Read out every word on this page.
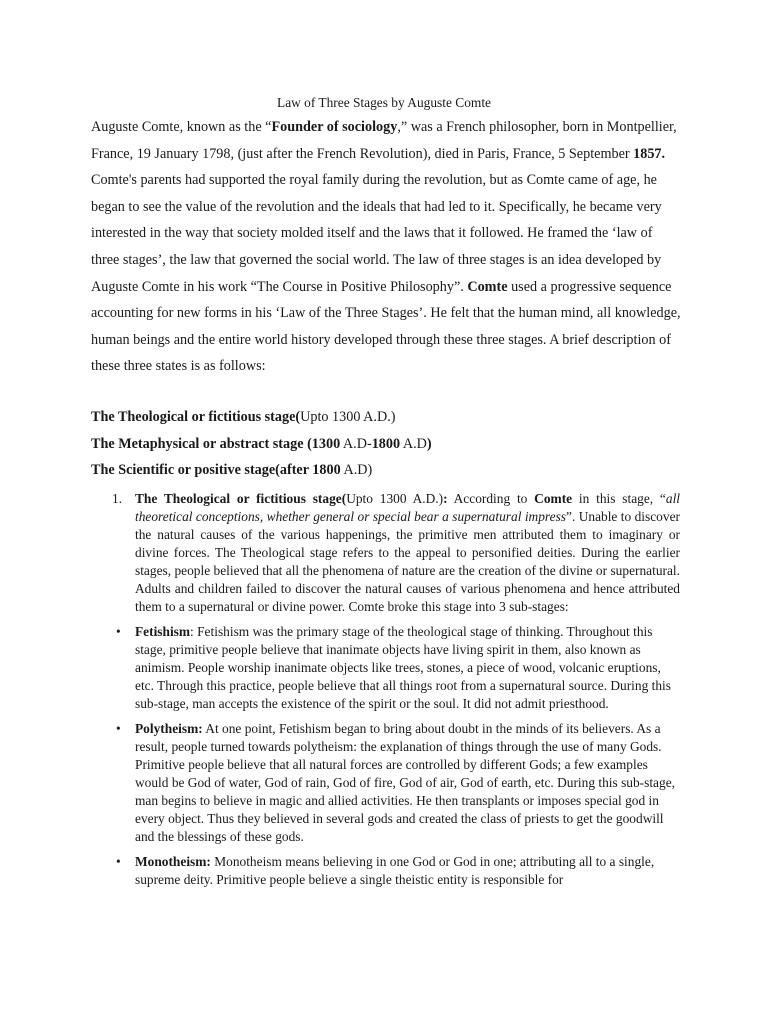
Law of Three Stages by Auguste Comte
Auguste Comte, known as the “Founder of sociology,” was a French philosopher, born in Montpellier, France, 19 January 1798, (just after the French Revolution), died in Paris, France, 5 September 1857. Comte's parents had supported the royal family during the revolution, but as Comte came of age, he began to see the value of the revolution and the ideals that had led to it. Specifically, he became very interested in the way that society molded itself and the laws that it followed. He framed the ‘law of three stages’, the law that governed the social world. The law of three stages is an idea developed by Auguste Comte in his work “The Course in Positive Philosophy”. Comte used a progressive sequence accounting for new forms in his ‘Law of the Three Stages’. He felt that the human mind, all knowledge, human beings and the entire world history developed through these three stages. A brief description of these three states is as follows:
The Theological or fictitious stage(Upto 1300 A.D.)
The Metaphysical or abstract stage (1300 A.D-1800 A.D)
The Scientific or positive stage(after 1800 A.D)
1. The Theological or fictitious stage(Upto 1300 A.D.): According to Comte in this stage, “all theoretical conceptions, whether general or special bear a supernatural impress”. Unable to discover the natural causes of the various happenings, the primitive men attributed them to imaginary or divine forces. The Theological stage refers to the appeal to personified deities. During the earlier stages, people believed that all the phenomena of nature are the creation of the divine or supernatural. Adults and children failed to discover the natural causes of various phenomena and hence attributed them to a supernatural or divine power. Comte broke this stage into 3 sub-stages:
• Fetishism: Fetishism was the primary stage of the theological stage of thinking. Throughout this stage, primitive people believe that inanimate objects have living spirit in them, also known as animism. People worship inanimate objects like trees, stones, a piece of wood, volcanic eruptions, etc. Through this practice, people believe that all things root from a supernatural source. During this sub-stage, man accepts the existence of the spirit or the soul. It did not admit priesthood.
• Polytheism: At one point, Fetishism began to bring about doubt in the minds of its believers. As a result, people turned towards polytheism: the explanation of things through the use of many Gods. Primitive people believe that all natural forces are controlled by different Gods; a few examples would be God of water, God of rain, God of fire, God of air, God of earth, etc. During this sub-stage, man begins to believe in magic and allied activities. He then transplants or imposes special god in every object. Thus they believed in several gods and created the class of priests to get the goodwill and the blessings of these gods.
• Monotheism: Monotheism means believing in one God or God in one; attributing all to a single, supreme deity. Primitive people believe a single theistic entity is responsible for
